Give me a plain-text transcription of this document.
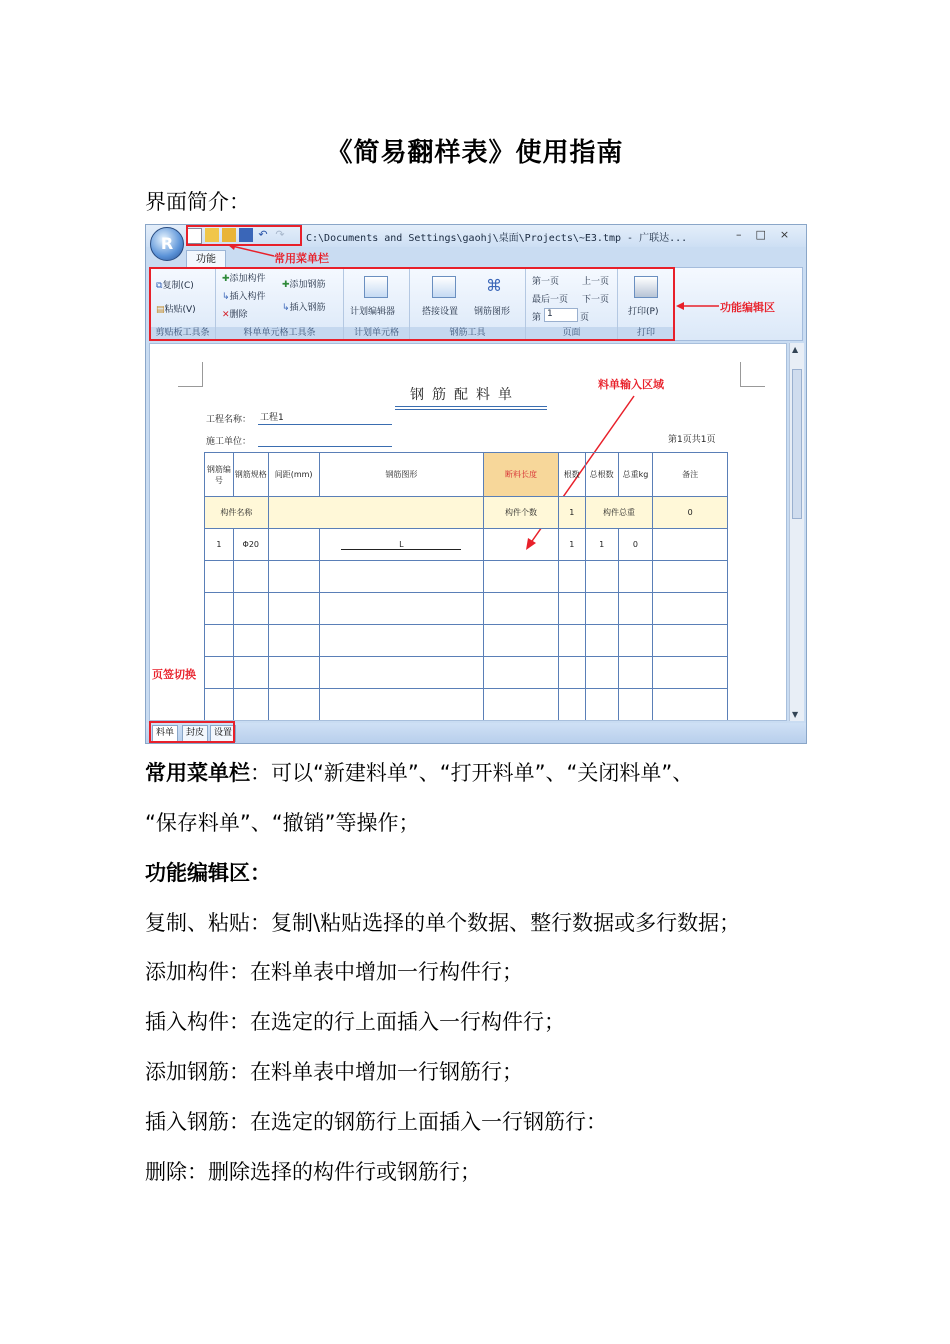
《简易翻样表》使用指南
界面简介：
R	↶ ↷ C:\Documents and Settings\gaohj\桌面\Projects\~E3.tmp - 广联达...	–□×
常用菜单栏
功能
⧉复制(C)
▤粘贴(V)
剪贴板工具条
✚添加构件
↳插入构件
✕删除
✚添加钢筋
↳插入钢筋
料单单元格工具条
计划编辑器
计划单元格
搭接设置
⌘
钢筋图形
钢筋工具
第一页	上一页
最后一页 下一页
第 1	页
页面
打印(P)
打印
功能编辑区
钢筋配料单
料单输入区域
工程名称： 工程1
施工单位：	第1页共1页
钢筋编号	钢筋规格	间距(mm)	钢筋图形	断料长度	根数	总根数	总重kg	备注
构件名称				构件个数	1	构件总重		0
1	Φ20		L		1	1	0	

页签切换
▲
▼
料单	封皮	设置
常用菜单栏：可以“新建料单”、“打开料单”、“关闭料单”、
“保存料单”、“撤销”等操作；
功能编辑区：
复制、粘贴：复制\粘贴选择的单个数据、整行数据或多行数据；
添加构件：在料单表中增加一行构件行；
插入构件：在选定的行上面插入一行构件行；
添加钢筋：在料单表中增加一行钢筋行；
插入钢筋：在选定的钢筋行上面插入一行钢筋行：
删除：删除选择的构件行或钢筋行；
